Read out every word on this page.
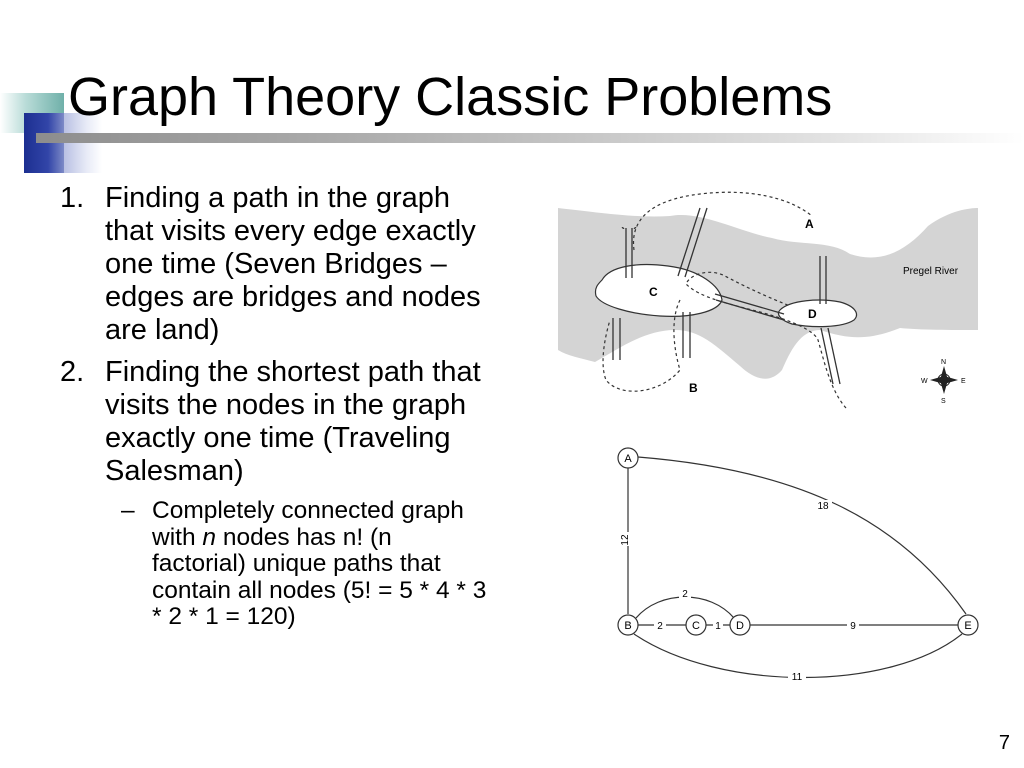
Graph Theory Classic Problems
1. Finding a path in the graph that visits every edge exactly one time (Seven Bridges – edges are bridges and nodes are land)
2. Finding the shortest path that visits the nodes in the graph exactly one time (Traveling Salesman)
– Completely connected graph with n nodes has n! (n factorial) unique paths that contain all nodes (5! = 5 * 4 * 3 * 2 * 1 = 120)
A
B
C
D
Pregel River
N
S
E
W
A
B	C	D	E
12
18
2
2
1	9
11
7
